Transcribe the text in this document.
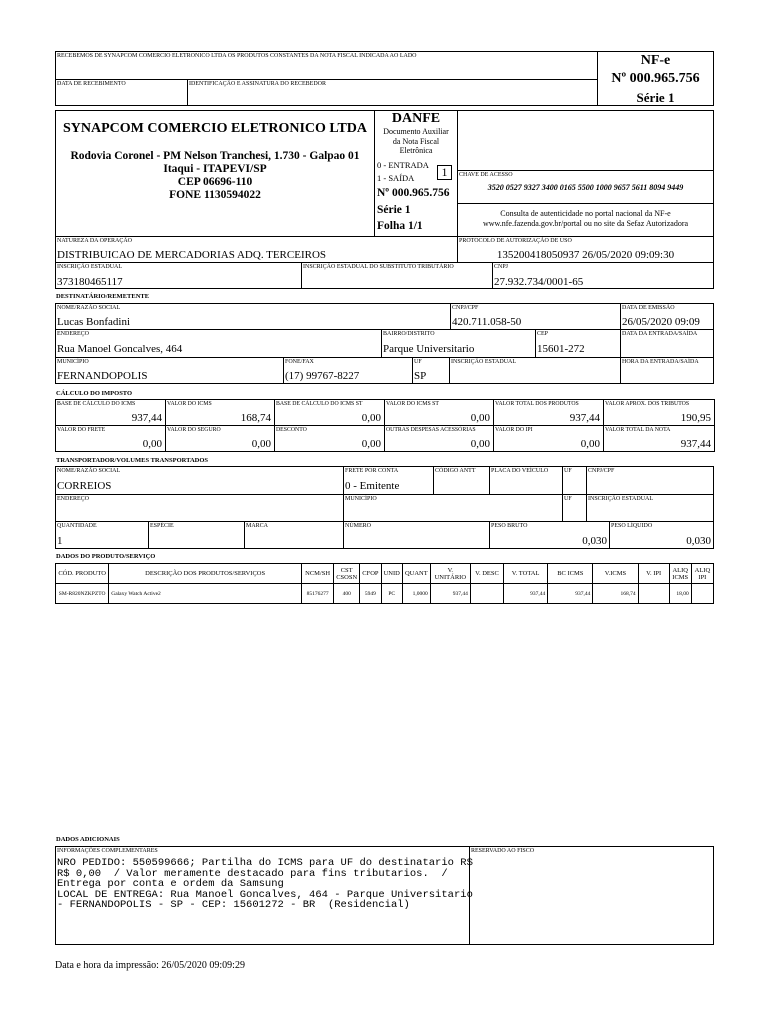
RECEBEMOS DE SYNAPCOM COMERCIO ELETRONICO LTDA OS PRODUTOS CONSTANTES DA NOTA FISCAL INDICADA AO LADO
DATA DE RECEBIMENTO	IDENTIFICAÇÃO E ASSINATURA DO RECEBEDOR
NF-e
Nº 000.965.756
Série 1
SYNAPCOM COMERCIO ELETRONICO LTDA
Rodovia Coronel - PM Nelson Tranchesi, 1.730 - Galpao 01
Itaqui - ITAPEVI/SP
CEP 06696-110
FONE 1130594022
DANFE
Documento Auxiliar
da Nota Fiscal
Eletrônica
0 - ENTRADA
1 - SAÍDA	1
Nº 000.965.756
Série 1
Folha 1/1
CHAVE DE ACESSO
3520 0527 9327 3400 0165 5500 1000 9657 5611 8094 9449
Consulta de autenticidade no portal nacional da NF-e
www.nfe.fazenda.gov.br/portal ou no site da Sefaz Autorizadora
NATUREZA DA OPERAÇÃO
DISTRIBUICAO DE MERCADORIAS ADQ. TERCEIROS
PROTOCOLO DE AUTORIZAÇÃO DE USO
135200418050937 26/05/2020 09:09:30
INSCRIÇÃO ESTADUAL
373180465117
INSCRIÇÃO ESTADUAL DO SUBSTITUTO TRIBUTÁRIO	CNPJ
27.932.734/0001-65
DESTINATÁRIO/REMETENTE
NOME/RAZÃO SOCIAL
Lucas Bonfadini
CNPJ/CPF
420.711.058-50
DATA DE EMISSÃO
26/05/2020 09:09
ENDEREÇO
Rua Manoel Goncalves, 464
BAIRRO/DISTRITO
Parque Universitario
CEP
15601-272
DATA DA ENTRADA/SAÍDA
MUNICÍPIO
FERNANDOPOLIS
FONE/FAX
(17) 99767-8227
UF
SP
INSCRIÇÃO ESTADUAL	HORA DA ENTRADA/SAÍDA
CÁLCULO DO IMPOSTO
BASE DE CÁLCULO DO ICMS
937,44
VALOR DO ICMS
168,74
BASE DE CÁLCULO DO ICMS ST
0,00
VALOR DO ICMS ST
0,00
VALOR TOTAL DOS PRODUTOS
937,44
VALOR APROX. DOS TRIBUTOS
190,95
VALOR DO FRETE
0,00
VALOR DO SEGURO
0,00
DESCONTO
0,00
OUTRAS DESPESAS ACESSÓRIAS
0,00
VALOR DO IPI
0,00
VALOR TOTAL DA NOTA
937,44
TRANSPORTADOR/VOLUMES TRANSPORTADOS
NOME/RAZÃO SOCIAL
CORREIOS
FRETE POR CONTA
0 - Emitente
CÓDIGO ANTT	PLACA DO VEÍCULO	UF	CNPJ/CPF
ENDEREÇO	MUNICÍPIO	UF	INSCRIÇÃO ESTADUAL
QUANTIDADE
1
ESPÉCIE	MARCA	NÚMERO	PESO BRUTO
0,030
PESO LÍQUIDO
0,030
DADOS DO PRODUTO/SERVIÇO
CÓD. PRODUTO	DESCRIÇÃO DOS PRODUTOS/SERVIÇOS	NCM/SH	CST CSOSN	CFOP	UNID	QUANT	V. UNITÁRIO	V. DESC	V. TOTAL	BC ICMS	V.ICMS	V. IPI	ALIQ ICMS	ALIQ IPI
SM-R820NZKPZTO	Galaxy Watch Active2	85176277	400	5949	PC	1,0000	937,44		937,44	937,44	168,74		18,00	
DADOS ADICIONAIS
INFORMAÇÕES COMPLEMENTARES
NRO PEDIDO: 550599666; Partilha do ICMS para UF do destinatario R$
R$ 0,00  / Valor meramente destacado para fins tributarios.  /
Entrega por conta e ordem da Samsung
LOCAL DE ENTREGA: Rua Manoel Goncalves, 464 - Parque Universitario
- FERNANDOPOLIS - SP - CEP: 15601272 - BR  (Residencial)
RESERVADO AO FISCO
Data e hora da impressão: 26/05/2020 09:09:29
